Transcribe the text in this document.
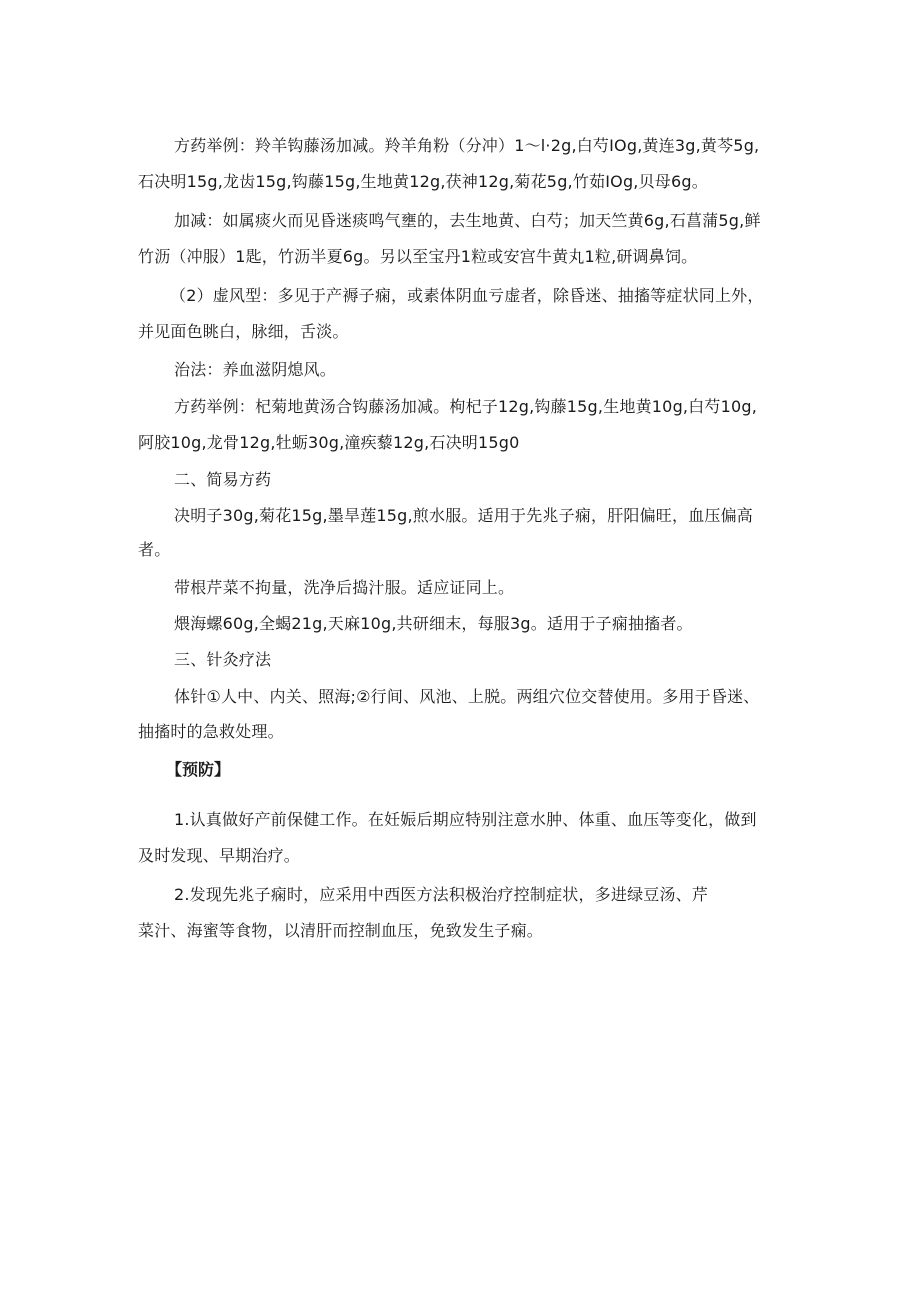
方药举例：羚羊钩藤汤加减。羚羊角粉（分冲）1～l·2g,白芍IOg,黄连3g,黄芩5g,

石决明15g,龙齿15g,钩藤15g,生地黄12g,茯神12g,菊花5g,竹茹IOg,贝母6g。

加减：如属痰火而见昏迷痰鸣气壅的，去生地黄、白芍；加天竺黄6g,石菖蒲5g,鲜

竹沥（冲服）1匙，竹沥半夏6g。另以至宝丹1粒或安宫牛黄丸1粒,研调鼻饲。

（2）虚风型：多见于产褥子痫，或素体阴血亏虚者，除昏迷、抽搐等症状同上外，

并见面色眺白，脉细，舌淡。

治法：养血滋阴熄风。

方药举例：杞菊地黄汤合钩藤汤加减。枸杞子12g,钩藤15g,生地黄10g,白芍10g,

阿胶10g,龙骨12g,牡蛎30g,潼疾藜12g,石决明15g0

二、简易方药

决明子30g,菊花15g,墨旱莲15g,煎水服。适用于先兆子痫，肝阳偏旺，血压偏高

者。

带根芹菜不拘量，洗净后捣汁服。适应证同上。

煨海螺60g,全蝎21g,天麻10g,共研细末，每服3g。适用于子痫抽搐者。

三、针灸疗法

体针①人中、内关、照海;②行间、风池、上脱。两组穴位交替使用。多用于昏迷、

抽搐时的急救处理。

【预防】

1.认真做好产前保健工作。在妊娠后期应特别注意水肿、体重、血压等变化，做到

及时发现、早期治疗。

2.发现先兆子痫时，应采用中西医方法积极治疗控制症状，多进绿豆汤、芹

菜汁、海蜜等食物，以清肝而控制血压，免致发生子痫。
